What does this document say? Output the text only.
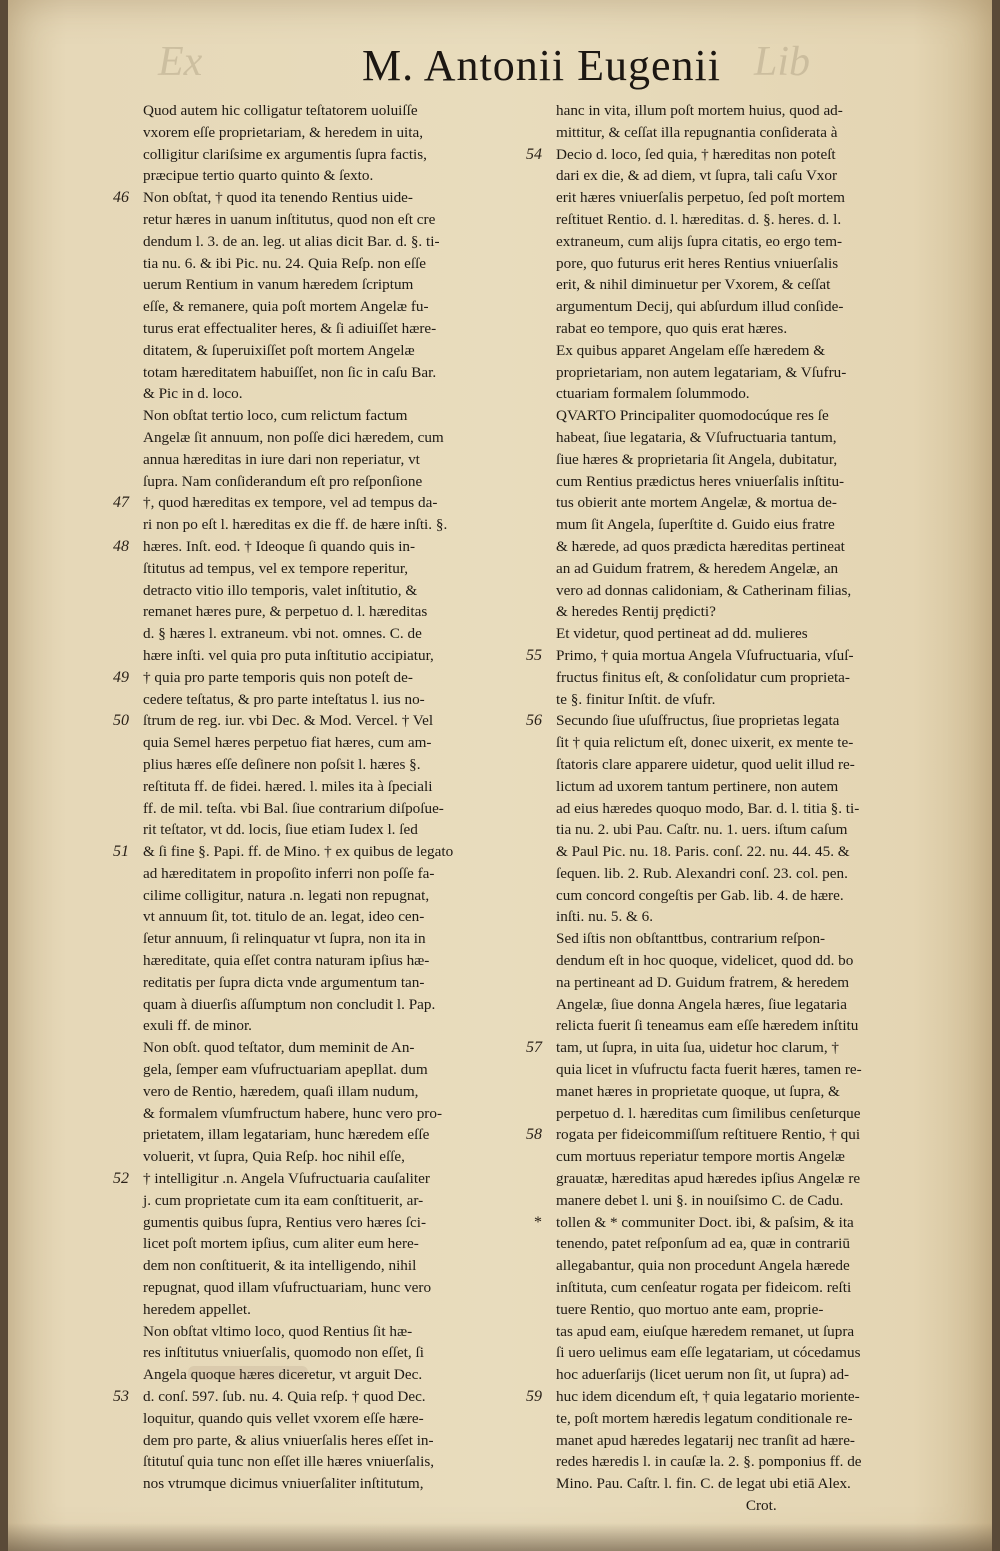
Ex	Lib
M. Antonii Eugenii
Quod autem hic colligatur teſtatorem uoluiſſe
vxorem eſſe proprietariam, & heredem in uita,
colligitur clariſsime ex argumentis ſupra factis,
præcipue tertio quarto quinto & ſexto.
46 Non obſtat, † quod ita tenendo Rentius uide-
retur hæres in uanum inſtitutus, quod non eſt cre
dendum l. 3. de an. leg. ut alias dicit Bar. d. §. ti-
tia nu. 6. & ibi Pic. nu. 24. Quia Reſp. non eſſe
uerum Rentium in vanum hæredem ſcriptum
eſſe, & remanere, quia poſt mortem Angelæ fu-
turus erat effectualiter heres, & ſi adiuiſſet hære-
ditatem, & ſuperuixiſſet poſt mortem Angelæ
totam hæreditatem habuiſſet, non ſic in caſu Bar.
& Pic in d. loco.
Non obſtat tertio loco, cum relictum factum
Angelæ ſit annuum, non poſſe dici hæredem, cum
annua hæreditas in iure dari non reperiatur, vt
ſupra. Nam conſiderandum eſt pro reſponſione
47 †, quod hæreditas ex tempore, vel ad tempus da-
ri non po eſt l. hæreditas ex die ff. de hære inſti. §.
48 hæres. Inſt. eod. † Ideoque ſi quando quis in-
ſtitutus ad tempus, vel ex tempore reperitur,
detracto vitio illo temporis, valet inſtitutio, &
remanet hæres pure, & perpetuo d. l. hæreditas
d. § hæres l. extraneum. vbi not. omnes. C. de
hære inſti. vel quia pro puta inſtitutio accipiatur,
49 † quia pro parte temporis quis non poteſt de-
cedere teſtatus, & pro parte inteſtatus l. ius no-
50 ſtrum de reg. iur. vbi Dec. & Mod. Vercel. † Vel
quia Semel hæres perpetuo fiat hæres, cum am-
plius hæres eſſe deſinere non poſsit l. hæres §.
reſtituta ff. de fidei. hæred. l. miles ita à ſpeciali
ff. de mil. teſta. vbi Bal. ſiue contrarium diſpoſue-
rit teſtator, vt dd. locis, ſiue etiam Iudex l. ſed
51 & ſi fine §. Papi. ff. de Mino. † ex quibus de legato
ad hæreditatem in propoſito inferri non poſſe fa-
cilime colligitur, natura .n. legati non repugnat,
vt annuum ſit, tot. titulo de an. legat, ideo cen-
ſetur annuum, ſi relinquatur vt ſupra, non ita in
hæreditate, quia eſſet contra naturam ipſius hæ-
reditatis per ſupra dicta vnde argumentum tan-
quam à diuerſis aſſumptum non concludit l. Pap.
exuli ff. de minor.
Non obſt. quod teſtator, dum meminit de An-
gela, ſemper eam vſufructuariam apepllat. dum
vero de Rentio, hæredem, quaſi illam nudum,
& formalem vſumfructum habere, hunc vero pro-
prietatem, illam legatariam, hunc hæredem eſſe
voluerit, vt ſupra, Quia Reſp. hoc nihil eſſe,
52 † intelligitur .n. Angela Vſufructuaria cauſaliter
j. cum proprietate cum ita eam conſtituerit, ar-
gumentis quibus ſupra, Rentius vero hæres ſci-
licet poſt mortem ipſius, cum aliter eum here-
dem non conſtituerit, & ita intelligendo, nihil
repugnat, quod illam vſufructuariam, hunc vero
heredem appellet.
Non obſtat vltimo loco, quod Rentius ſit hæ-
res inſtitutus vniuerſalis, quomodo non eſſet, ſi
Angela quoque hæres diceretur, vt arguit Dec.
53 d. conſ. 597. ſub. nu. 4. Quia reſp. † quod Dec.
loquitur, quando quis vellet vxorem eſſe hære-
dem pro parte, & alius vniuerſalis heres eſſet in-
ſtitutuſ quia tunc non eſſet ille hæres vniuerſalis,
nos vtrumque dicimus vniuerſaliter inſtitutum,
hanc in vita, illum poſt mortem huius, quod ad-
mittitur, & ceſſat illa repugnantia conſiderata à
54 Decio d. loco, ſed quia, † hæreditas non poteſt
dari ex die, & ad diem, vt ſupra, tali caſu Vxor
erit hæres vniuerſalis perpetuo, ſed poſt mortem
reſtituet Rentio. d. l. hæreditas. d. §. heres. d. l.
extraneum, cum alijs ſupra citatis, eo ergo tem-
pore, quo futurus erit heres Rentius vniuerſalis
erit, & nihil diminuetur per Vxorem, & ceſſat
argumentum Decij, qui abſurdum illud conſide-
rabat eo tempore, quo quis erat hæres.
Ex quibus apparet Angelam eſſe hæredem &
proprietariam, non autem legatariam, & Vſufru-
ctuariam formalem ſolummodo.
QVARTO Principaliter quomodocúque res ſe
habeat, ſiue legataria, & Vſufructuaria tantum,
ſiue hæres & proprietaria ſit Angela, dubitatur,
cum Rentius prædictus heres vniuerſalis inſtitu-
tus obierit ante mortem Angelæ, & mortua de-
mum ſit Angela, ſuperſtite d. Guido eius fratre
& hærede, ad quos prædicta hæreditas pertineat
an ad Guidum fratrem, & heredem Angelæ, an
vero ad donnas calidoniam, & Catherinam filias,
& heredes Rentij prędicti?
Et videtur, quod pertineat ad dd. mulieres
55 Primo, † quia mortua Angela Vſufructuaria, vſuſ-
fructus finitus eſt, & conſolidatur cum proprieta-
te §. finitur Inſtit. de vſufr.
56 Secundo ſiue uſuſfructus, ſiue proprietas legata
ſit † quia relictum eſt, donec uixerit, ex mente te-
ſtatoris clare apparere uidetur, quod uelit illud re-
lictum ad uxorem tantum pertinere, non autem
ad eius hæredes quoquo modo, Bar. d. l. titia §. ti-
tia nu. 2. ubi Pau. Caſtr. nu. 1. uers. iſtum caſum
& Paul Pic. nu. 18. Paris. conſ. 22. nu. 44. 45. &
ſequen. lib. 2. Rub. Alexandri conſ. 23. col. pen.
cum concord congeſtis per Gab. lib. 4. de hære.
inſti. nu. 5. & 6.
Sed iſtis non obſtanttbus, contrarium reſpon-
dendum eſt in hoc quoque, videlicet, quod dd. bo
na pertineant ad D. Guidum fratrem, & heredem
Angelæ, ſiue donna Angela hæres, ſiue legataria
relicta fuerit ſi teneamus eam eſſe hæredem inſtitu
57 tam, ut ſupra, in uita ſua, uidetur hoc clarum, †
quia licet in vſufructu facta fuerit hæres, tamen re-
manet hæres in proprietate quoque, ut ſupra, &
perpetuo d. l. hæreditas cum ſimilibus cenſeturque
58 rogata per fideicommiſſum reſtituere Rentio, † qui
cum mortuus reperiatur tempore mortis Angelæ
grauatæ, hæreditas apud hæredes ipſius Angelæ re
manere debet l. uni §. in nouiſsimo C. de Cadu.
* tollen & * communiter Doct. ibi, & paſsim, & ita
tenendo, patet reſponſum ad ea, quæ in contrariū
allegabantur, quia non procedunt Angela hærede
inſtituta, cum cenſeatur rogata per fideicom. reſti
tuere Rentio, quo mortuo ante eam, proprie-
tas apud eam, eiuſque hæredem remanet, ut ſupra
ſi uero uelimus eam eſſe legatariam, ut cócedamus
hoc aduerſarijs (licet uerum non ſit, ut ſupra) ad-
59 huc idem dicendum eſt, † quia legatario moriente-
te, poſt mortem hæredis legatum conditionale re-
manet apud hæredes legatarij nec tranſit ad hære-
redes hæredis l. in cauſæ la. 2. §. pomponius ff. de
Mino. Pau. Caſtr. l. fin. C. de legat ubi etiā Alex.
Crot.
